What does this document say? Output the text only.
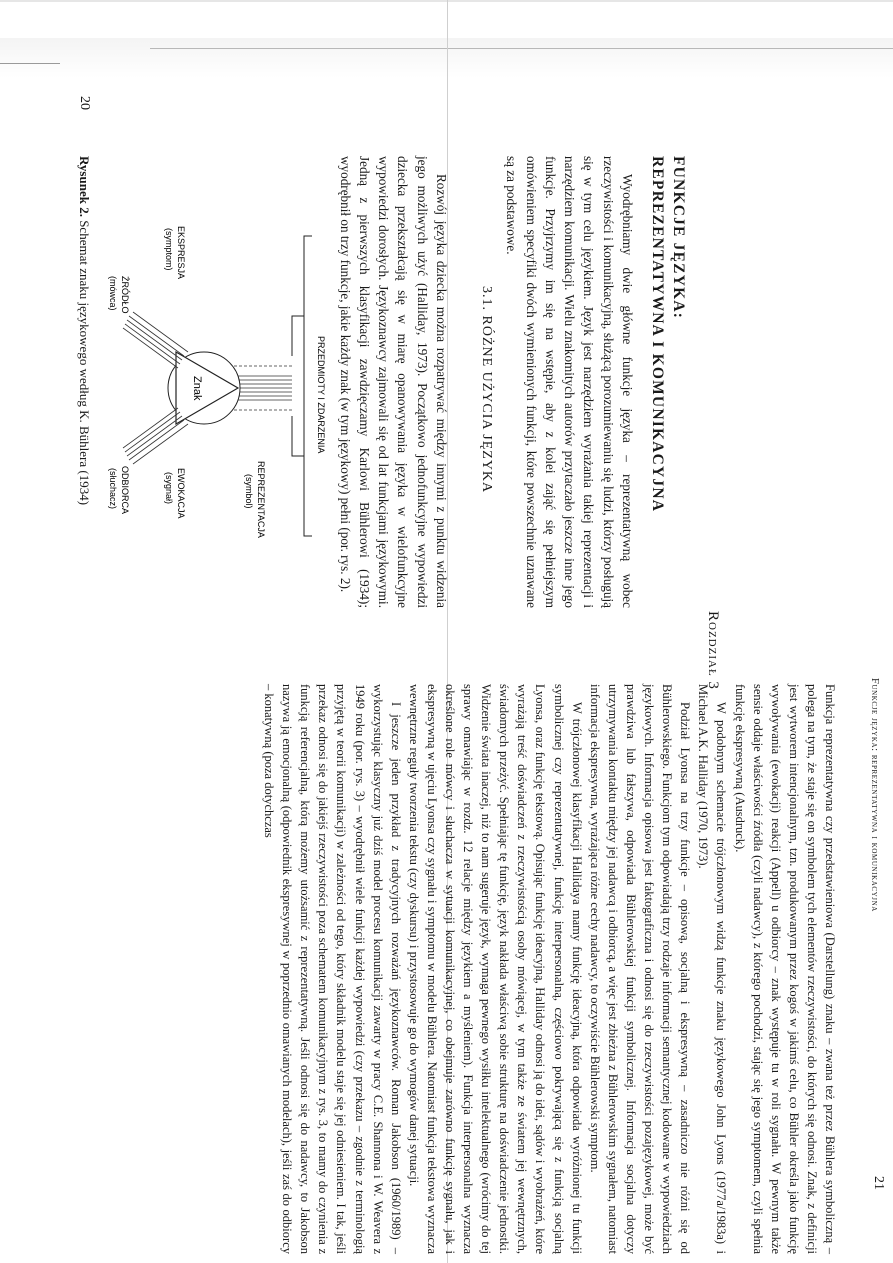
Rozdział 3
FUNKCJE JĘZYKA:
REPREZENTATYWNA I KOMUNIKACYJNA

Wyodrębniamy dwie główne funkcje języka – reprezentatywną wobec rzeczywistości i komunikacyjną, służącą porozumiewaniu się ludzi, którzy posługują się w tym celu językiem. Język jest narzędziem wyrażania takiej reprezentacji i narzędziem komunikacji. Wielu znakomitych autorów przytaczało jeszcze inne jego funkcje. Przyjrzymy im się na wstępie, aby z kolei zająć się pełniejszym omówieniem specyfiki dwóch wymienionych funkcji, które powszechnie uznawane są za podstawowe.

3.1. RÓŻNE UŻYCIA JĘZYKA

Rozwój języka dziecka można rozpatrywać między innymi z punktu widzenia jego możliwych użyć (Halliday, 1973). Początkowo jednofunkcyjne wypowiedzi dziecka przekształcają się w miarę opanowywania języka w wielofunkcyjne wypowiedzi dorosłych. Językoznawcy zajmowali się od lat funkcjami językowymi. Jedną z pierwszych klasyfikacji zawdzięczamy Karlowi Bühlerowi (1934); wyodrębnił on trzy funkcje, jakie każdy znak (w tym językowy) pełni (por. rys. 2).

PRZEDMIOTY I ZDARZENIA
Znak
REPREZENTACJA
(symbol)
EKSPRESJA
(symptom)
EWOKACJA
(sygnał)
ŹRÓDŁO
(mówca)
ODBIORCA
(słuchacz)
Rysunek 2. Schemat znaku językowego według K. Bühlera (1934)
20
Funkcje języka: reprezentatywna i komunikacyjna
21

Funkcja reprezentatywna czy przedstawieniowa (Darstellung) znaku – zwana też przez Bühlera symboliczną – polega na tym, że staje się on symbolem tych elementów rzeczywistości, do których się odnosi. Znak, z definicji jest wytworem intencjonalnym, tzn. produkowanym przez kogoś w jakimś celu, co Bühler określa jako funkcję wywoływania (ewokacji) reakcji (Appell) u odbiorcy – znak występuje tu w roli sygnału. W pewnym także sensie oddaje właściwości źródła (czyli nadawcy), z którego pochodzi, stając się jego symptomem, czyli spełnia funkcję ekspresywną (Ausdruck).

W podobnym schemacie trójczłonowym widzą funkcje znaku językowego John Lyons (1977a/1983a) i Michael A.K. Halliday (1970, 1973).

Podział Lyonsa na trzy funkcje – opisową, socjalną i ekspresywną – zasadniczo nie różni się od Bühlerowskiego. Funkcjom tym odpowiadają trzy rodzaje informacji semantycznej kodowane w wypowiedziach językowych. Informacja opisowa jest faktograficzna i odnosi się do rzeczywistości pozajęzykowej, może być prawdziwa lub fałszywa, odpowiada Bühlerowskiej funkcji symbolicznej. Informacja socjalna dotyczy utrzymywania kontaktu między jej nadawcą i odbiorcą, a więc jest zbieżna z Bühlerowskim sygnałem, natomiast informacja ekspresywna, wyrażająca różne cechy nadawcy, to oczywiście Bühlerowski symptom.

W trójczłonowej klasyfikacji Hallidaya mamy funkcję ideacyjną, która odpowiada wyróżnionej tu funkcji symbolicznej czy reprezentatywnej, funkcję interpersonalną, częściowo pokrywającą się z funkcją socjalną Lyonsa, oraz funkcję tekstową. Opisując funkcję ideacyjną, Halliday odnosi ją do idei, sądów i wyobrażeń, które wyrażają treść doświadczeń z rzeczywistością osoby mówiącej, w tym także ze światem jej wewnętrznych, świadomych przeżyć. Spełniając tę funkcję, język nakłada właściwą sobie strukturę na doświadczenie jednostki. Widzenie świata inaczej, niż to nam sugeruje język, wymaga pewnego wysiłku intelektualnego (wrócimy do tej sprawy omawiając w rozdz. 12 relacje między językiem a myśleniem). Funkcja interpersonalna wyznacza określone role mówcy i słuchacza w sytuacji komunikacyjnej, co obejmuje zarówno funkcję sygnału, jak i ekspresywną w ujęciu Lyonsa czy sygnału i symptomu w modelu Bühlera. Natomiast funkcja tekstowa wyznacza wewnętrzne reguły tworzenia tekstu (czy dyskursu) i przystosowuje go do wymogów danej sytuacji.

I jeszcze jeden przykład z tradycyjnych rozważań językoznawców. Roman Jakobson (1960/1989) – wykorzystując klasyczny już dziś model procesu komunikacji zawarty w pracy C.E. Shannona i W. Weavera z 1949 roku (por. rys. 3) – wyodrębnił wiele funkcji każdej wypowiedzi (czy przekazu – zgodnie z terminologią przyjętą w teorii komunikacji) w zależności od tego, który składnik modelu staje się jej odniesieniem. I tak, jeśli przekaz odnosi się do jakiejś rzeczywistości poza schematem komunikacyjnym z rys. 3, to mamy do czynienia z funkcją referencjalną, którą możemy utożsamić z reprezentatywną. Jeśli odnosi się do nadawcy, to Jakobson nazywa ją emocjonalną (odpowiednik ekspresywnej w poprzednio omawianych modelach), jeśli zaś do odbiorcy – konatywną (poza dotychczas
